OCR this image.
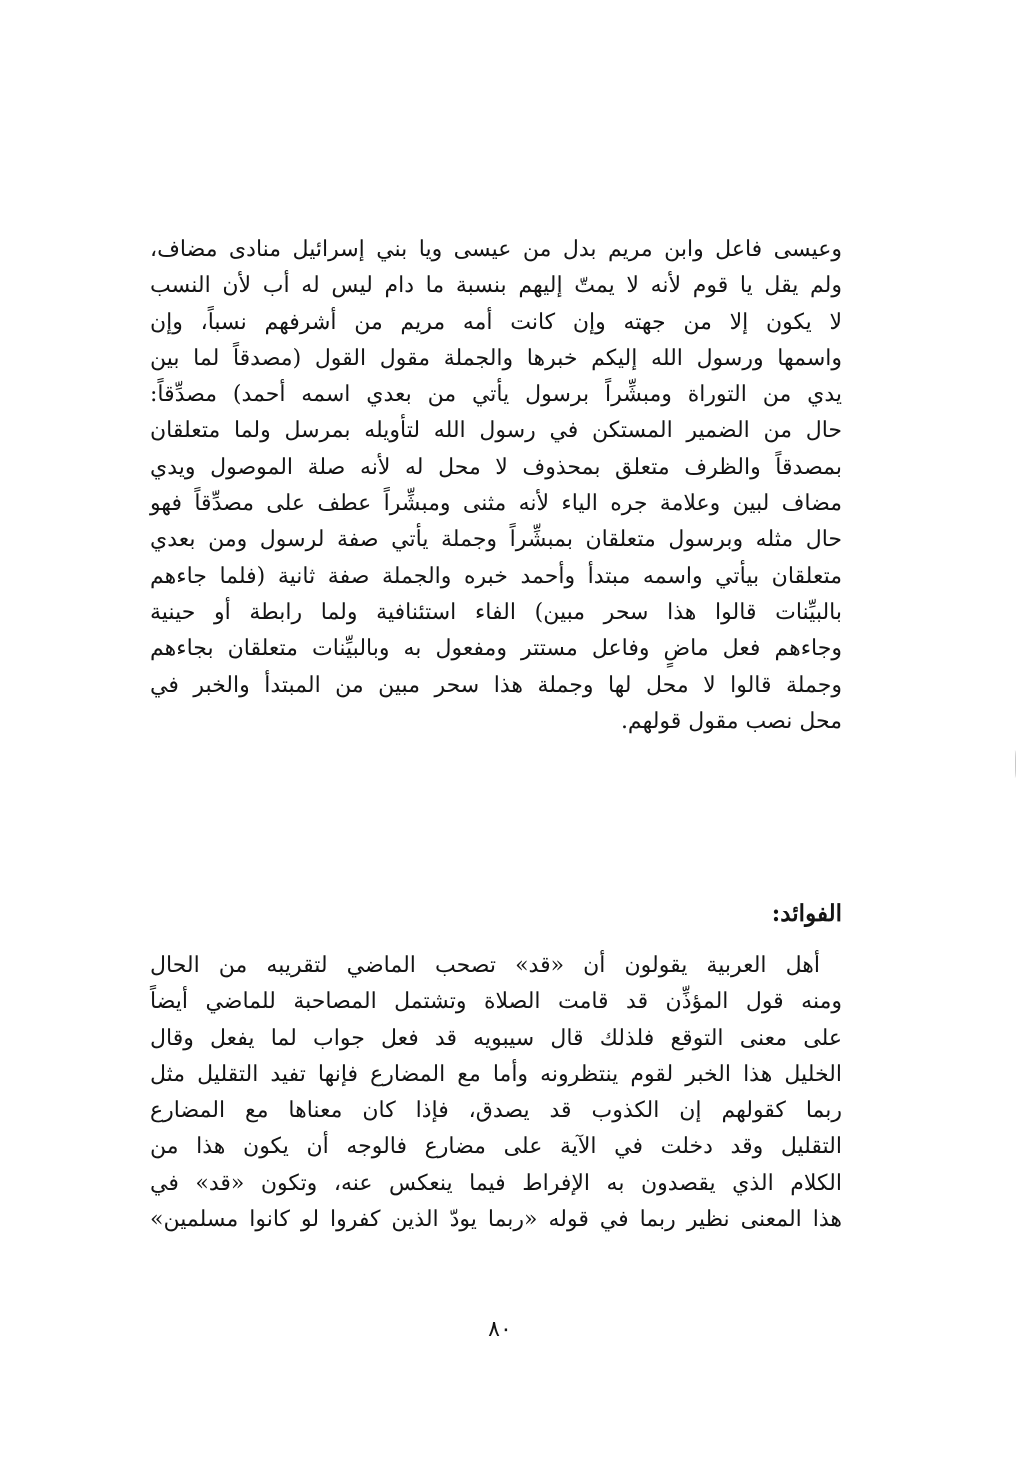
وعيسى فاعل وابن مريم بدل من عيسى ويا بني إسرائيل منادى مضاف،
ولم يقل يا قوم لأنه لا يمتّ إليهم بنسبة ما دام ليس له أب لأن النسب
لا يكون إلا من جهته وإن كانت أمه مريم من أشرفهم نسباً، وإن
واسمها ورسول الله إليكم خبرها والجملة مقول القول (مصدقاً لما بين
يدي من التوراة ومبشِّراً برسول يأتي من بعدي اسمه أحمد) مصدِّقاً:
حال من الضمير المستكن في رسول الله لتأويله بمرسل ولما متعلقان
بمصدقاً والظرف متعلق بمحذوف لا محل له لأنه صلة الموصول ويدي
مضاف لبين وعلامة جره الياء لأنه مثنى ومبشِّراً عطف على مصدِّقاً فهو
حال مثله وبرسول متعلقان بمبشِّراً وجملة يأتي صفة لرسول ومن بعدي
متعلقان بيأتي واسمه مبتدأ وأحمد خبره والجملة صفة ثانية (فلما جاءهم
بالبيِّنات قالوا هذا سحر مبين) الفاء استئنافية ولما رابطة أو حينية
وجاءهم فعل ماضٍ وفاعل مستتر ومفعول به وبالبيِّنات متعلقان بجاءهم
وجملة قالوا لا محل لها وجملة هذا سحر مبين من المبتدأ والخبر في
محل نصب مقول قولهم.
الفوائد:
أهل العربية يقولون أن «قد» تصحب الماضي لتقريبه من الحال
ومنه قول المؤذِّن قد قامت الصلاة وتشتمل المصاحبة للماضي أيضاً
على معنى التوقع فلذلك قال سيبويه قد فعل جواب لما يفعل وقال
الخليل هذا الخبر لقوم ينتظرونه وأما مع المضارع فإنها تفيد التقليل مثل
ربما كقولهم إن الكذوب قد يصدق، فإذا كان معناها مع المضارع
التقليل وقد دخلت في الآية على مضارع فالوجه أن يكون هذا من
الكلام الذي يقصدون به الإفراط فيما ينعكس عنه، وتكون «قد» في
هذا المعنى نظير ربما في قوله «ربما يودّ الذين كفروا لو كانوا مسلمين»
٨٠
